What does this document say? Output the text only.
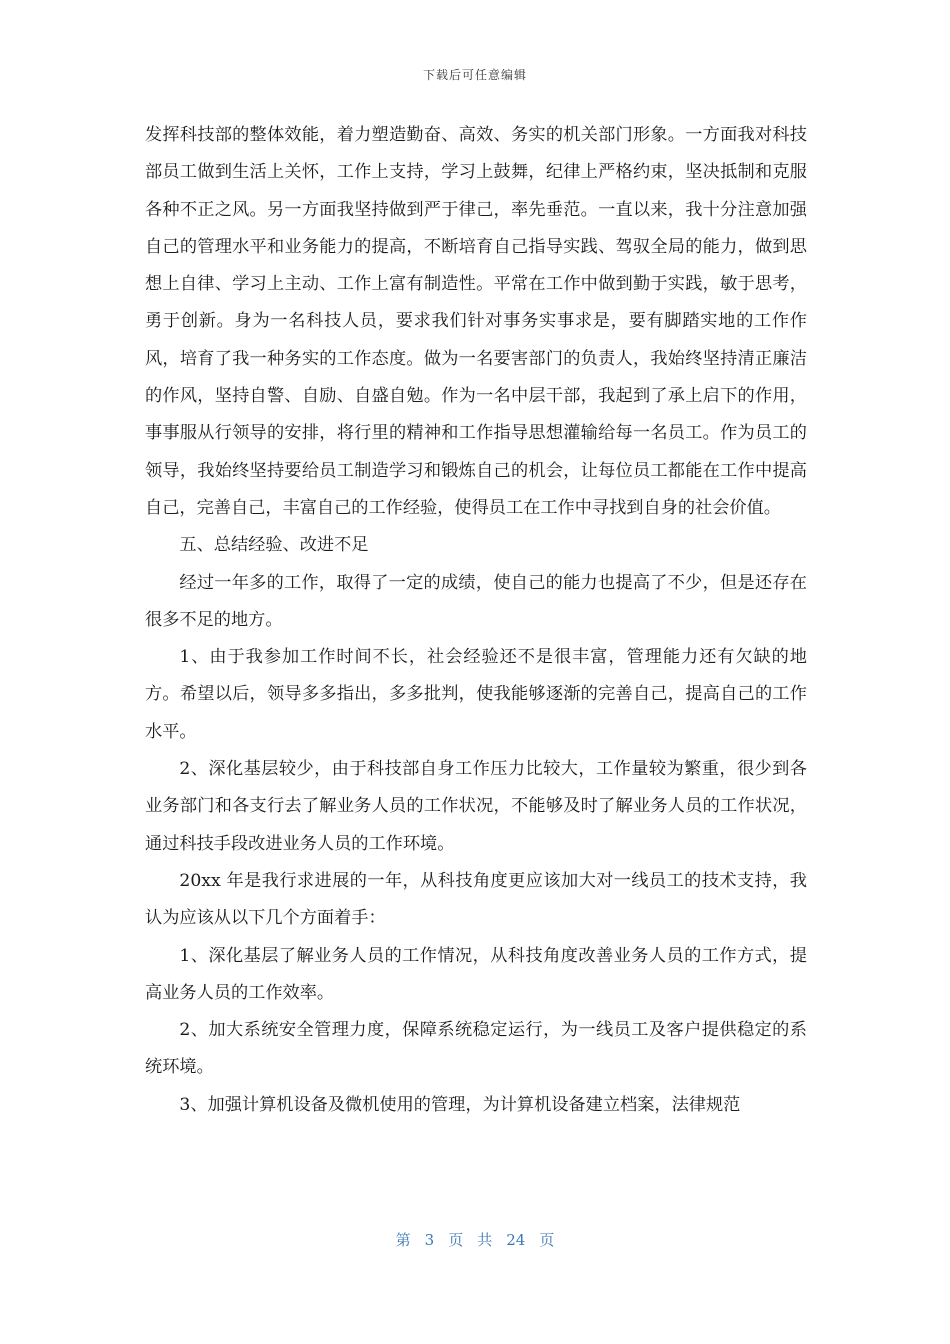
下载后可任意编辑

发挥科技部的整体效能，着力塑造勤奋、高效、务实的机关部门形象。一方面我对科技部员工做到生活上关怀，工作上支持，学习上鼓舞，纪律上严格约束，坚决抵制和克服各种不正之风。另一方面我坚持做到严于律己，率先垂范。一直以来，我十分注意加强自己的管理水平和业务能力的提高，不断培育自己指导实践、驾驭全局的能力，做到思想上自律、学习上主动、工作上富有制造性。平常在工作中做到勤于实践，敏于思考，勇于创新。身为一名科技人员，要求我们针对事务实事求是，要有脚踏实地的工作作风，培育了我一种务实的工作态度。做为一名要害部门的负责人，我始终坚持清正廉洁的作风，坚持自警、自励、自盛自勉。作为一名中层干部，我起到了承上启下的作用，事事服从行领导的安排，将行里的精神和工作指导思想灌输给每一名员工。作为员工的领导，我始终坚持要给员工制造学习和锻炼自己的机会，让每位员工都能在工作中提高自己，完善自己，丰富自己的工作经验，使得员工在工作中寻找到自身的社会价值。

五、总结经验、改进不足

经过一年多的工作，取得了一定的成绩，使自己的能力也提高了不少，但是还存在很多不足的地方。

1、由于我参加工作时间不长，社会经验还不是很丰富，管理能力还有欠缺的地方。希望以后，领导多多指出，多多批判，使我能够逐渐的完善自己，提高自己的工作水平。

2、深化基层较少，由于科技部自身工作压力比较大，工作量较为繁重，很少到各业务部门和各支行去了解业务人员的工作状况，不能够及时了解业务人员的工作状况，通过科技手段改进业务人员的工作环境。

20xx 年是我行求进展的一年，从科技角度更应该加大对一线员工的技术支持，我认为应该从以下几个方面着手：

1、深化基层了解业务人员的工作情况，从科技角度改善业务人员的工作方式，提高业务人员的工作效率。

2、加大系统安全管理力度，保障系统稳定运行，为一线员工及客户提供稳定的系统环境。

3、加强计算机设备及微机使用的管理，为计算机设备建立档案，法律规范

第 3 页 共 24 页
